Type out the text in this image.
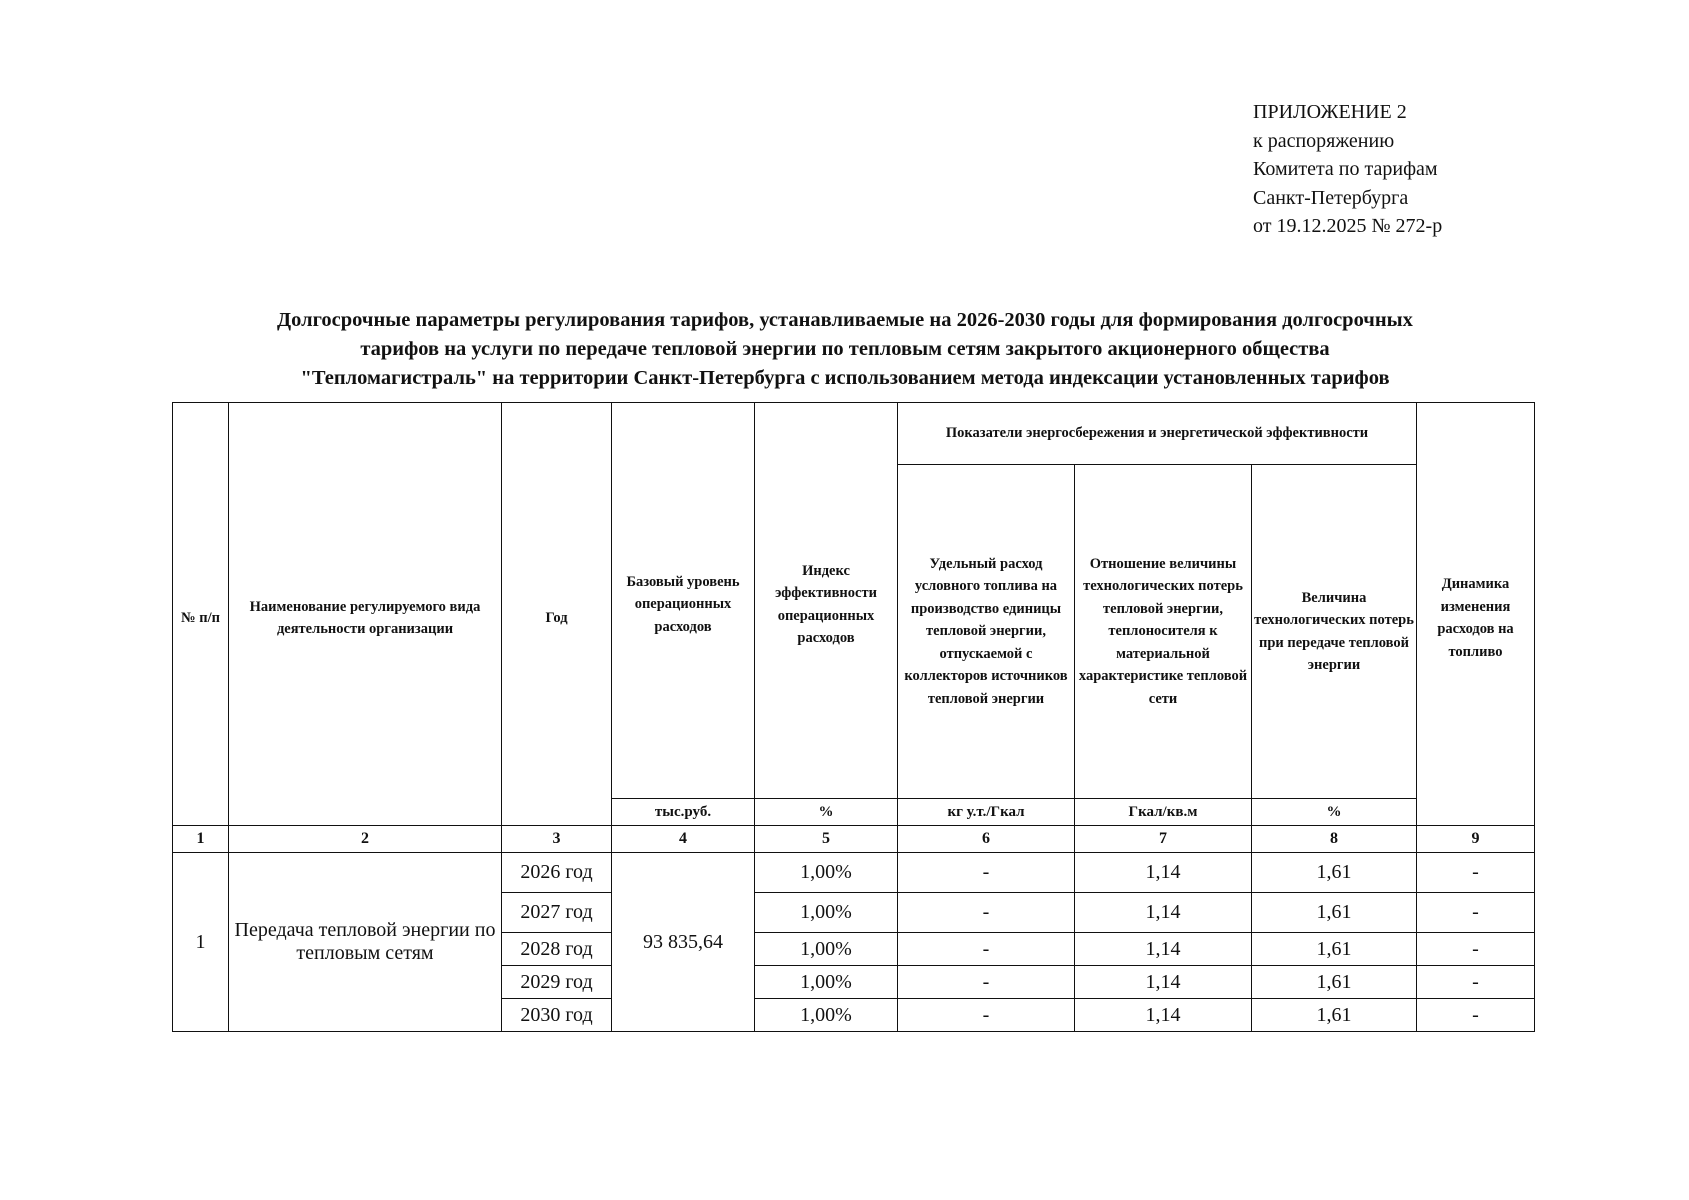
ПРИЛОЖЕНИЕ 2
к распоряжению
Комитета по тарифам
Санкт-Петербурга
от 19.12.2025 № 272-р
Долгосрочные параметры регулирования тарифов, устанавливаемые на 2026-2030 годы для формирования долгосрочных
тарифов на услуги по передаче тепловой энергии по тепловым сетям закрытого акционерного общества
"Тепломагистраль" на территории Санкт-Петербурга с использованием метода индексации установленных тарифов
№ п/п	Наименование регулируемого вида деятельности организации	Год	Базовый уровень операционных расходов	Индекс эффективности операционных расходов	Показатели энергосбережения и энергетической эффективности			Динамика изменения расходов на топливо
					Удельный расход условного топлива на производство единицы тепловой энергии, отпускаемой с коллекторов источников тепловой энергии	Отношение величины технологических потерь тепловой энергии, теплоносителя к материальной характеристике тепловой сети	Величина технологических потерь при передаче тепловой энергии	
			тыс.руб.	%	кг у.т./Гкал	Гкал/кв.м	%	
1	2	3	4	5	6	7	8	9
1	Передача тепловой энергии по тепловым сетям	2026 год	93 835,64	1,00%	-	1,14	1,61	-
		2027 год		1,00%	-	1,14	1,61	-
		2028 год		1,00%	-	1,14	1,61	-
		2029 год		1,00%	-	1,14	1,61	-
		2030 год		1,00%	-	1,14	1,61	-
